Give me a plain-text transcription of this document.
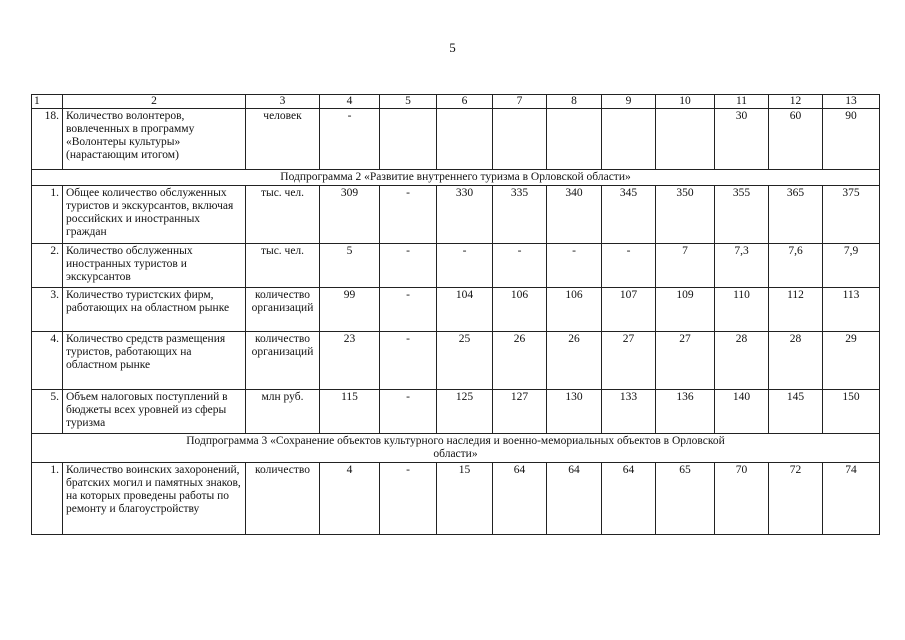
5
1	2	3	4	5	6	7	8	9	10	11	12	13
18.	Количество волонтеров, вовлеченных в программу «Волонтеры культуры» (нарастающим итогом)	человек	-							30	60	90
Подпрограмма 2 «Развитие внутреннего туризма в Орловской области»												
1.	Общее количество обслуженных туристов и экскурсантов, включая российских и иностранных граждан	тыс. чел.	309	-	330	335	340	345	350	355	365	375
2.	Количество обслуженных иностранных туристов и экскурсантов	тыс. чел.	5	-	-	-	-	-	7	7,3	7,6	7,9
3.	Количество туристских фирм, работающих на областном рынке	количество организаций	99	-	104	106	106	107	109	110	112	113
4.	Количество средств размещения туристов, работающих на областном рынке	количество организаций	23	-	25	26	26	27	27	28	28	29
5.	Объем налоговых поступлений в бюджеты всех уровней из сферы туризма	млн руб.	115	-	125	127	130	133	136	140	145	150
Подпрограмма 3 «Сохранение объектов культурного наследия и военно-мемориальных объектов в Орловской области»												
1.	Количество воинских захоронений, братских могил и памятных знаков, на которых проведены работы по ремонту и благоустройству	количество	4	-	15	64	64	64	65	70	72	74
